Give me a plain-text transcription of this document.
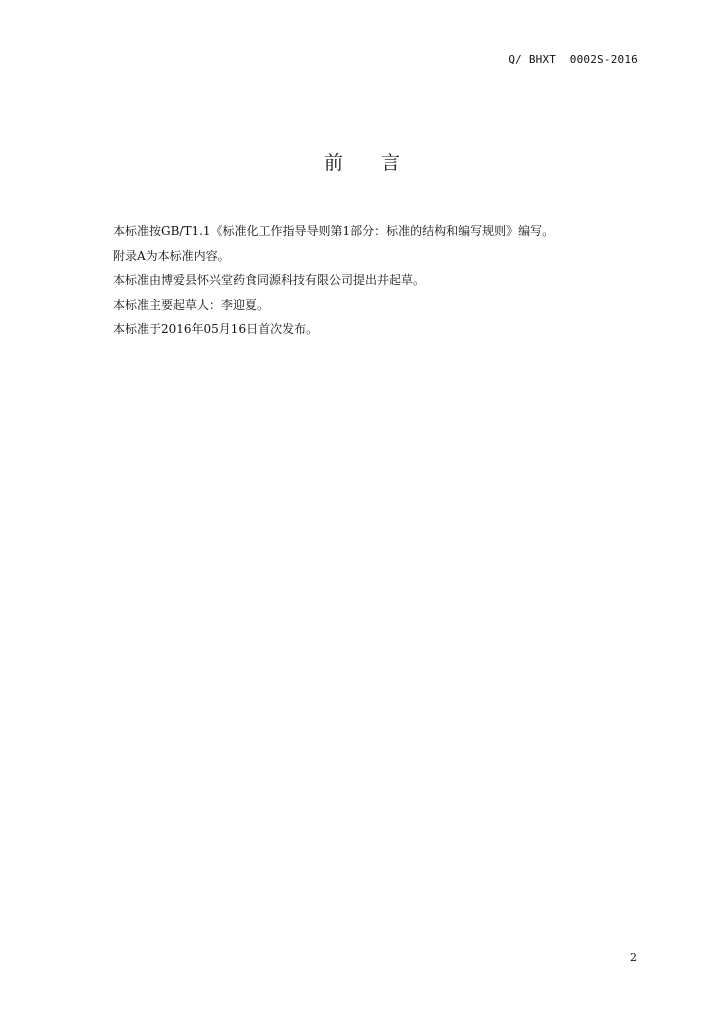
Q/ BHXT  0002S-2016
前 言

本标准按GB/T1.1《标准化工作指导导则第1部分：标准的结构和编写规则》编写。

附录A为本标准内容。

本标准由博爱县怀兴堂药食同源科技有限公司提出并起草。

本标准主要起草人：李迎夏。

本标准于2016年05月16日首次发布。

2
